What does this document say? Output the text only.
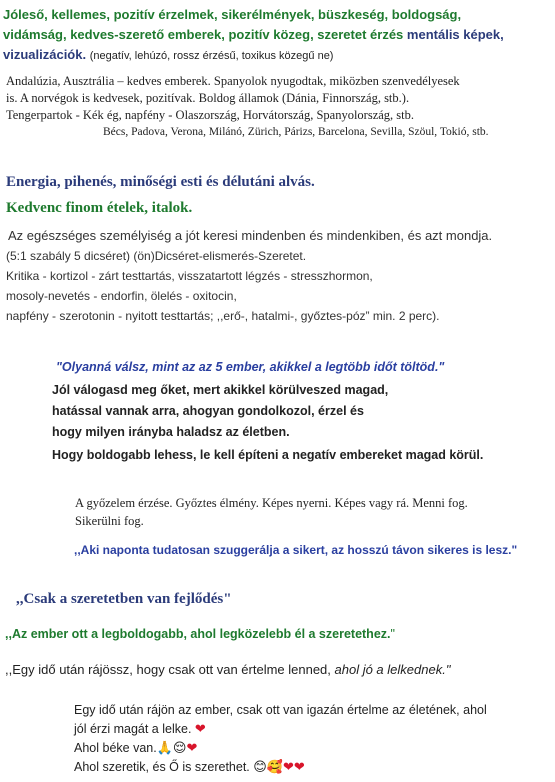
Jóleső, kellemes, pozitív érzelmek, sikerélmények, büszkeség, boldogság,
vidámság, kedves-szerető emberek, pozitív közeg, szeretet érzés mentális képek,
vizualizációk. (negatív, lehúzó, rossz érzésű, toxikus közegű ne)
Andalúzia, Ausztrália – kedves emberek. Spanyolok nyugodtak, miközben szenvedélyesek
is. A norvégok is kedvesek, pozitívak. Boldog államok (Dánia, Finnország, stb.).
Tengerpartok - Kék ég, napfény - Olaszország, Horvátország, Spanyolország, stb.
Bécs, Padova, Verona, Milánó, Zürich, Párizs, Barcelona, Sevilla, Szöul, Tokió, stb.
Energia, pihenés, minőségi esti és délutáni alvás.
Kedvenc finom ételek, italok.
Az egészséges személyiség a jót keresi mindenben és mindenkiben, és azt mondja.
(5:1 szabály 5 dicséret) (ön)Dicséret-elismerés-Szeretet.
Kritika - kortizol - zárt testtartás, visszatartott légzés - stresszhormon,
mosoly-nevetés - endorfin, ölelés - oxitocin,
napfény - szerotonin - nyitott testtartás; ,,erő-, hatalmi-, győztes-póz” min. 2 perc).
"Olyanná válsz, mint az az 5 ember, akikkel a legtöbb időt töltöd."
Jól válogasd meg őket, mert akikkel körülveszed magad,
hatással vannak arra, ahogyan gondolkozol, érzel és
hogy milyen irányba haladsz az életben.
Hogy boldogabb lehess, le kell építeni a negatív embereket magad körül.
A győzelem érzése. Győztes élmény. Képes nyerni. Képes vagy rá. Menni fog.
Sikerülni fog.
,,Aki naponta tudatosan szuggerálja a sikert, az hosszú távon sikeres is lesz."
,,Csak a szeretetben van fejlődés"
,,Az ember ott a legboldogabb, ahol legközelebb él a szeretethez."
,,Egy idő után rájössz, hogy csak ott van értelme lenned, ahol jó a lelkednek."
Egy idő után rájön az ember, csak ott van igazán értelme az életének, ahol
jól érzi magát a lelke. ❤
Ahol béke van.🙏😌❤
Ahol szeretik, és Ő is szerethet. 😊🥰❤❤
